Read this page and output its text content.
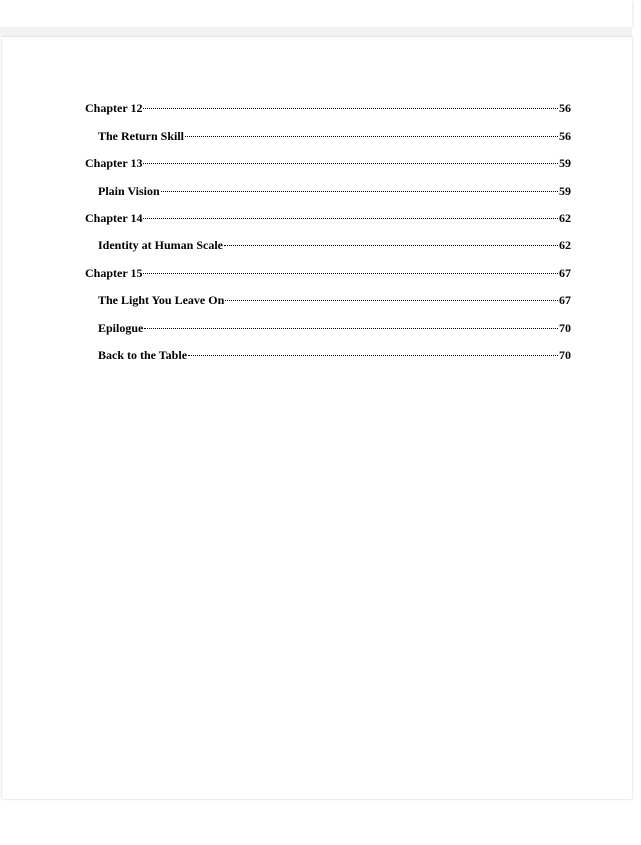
Chapter 12	56
The Return Skill	56
Chapter 13	59
Plain Vision	59
Chapter 14	62
Identity at Human Scale	62
Chapter 15	67
The Light You Leave On	67
Epilogue	70
Back to the Table	70
